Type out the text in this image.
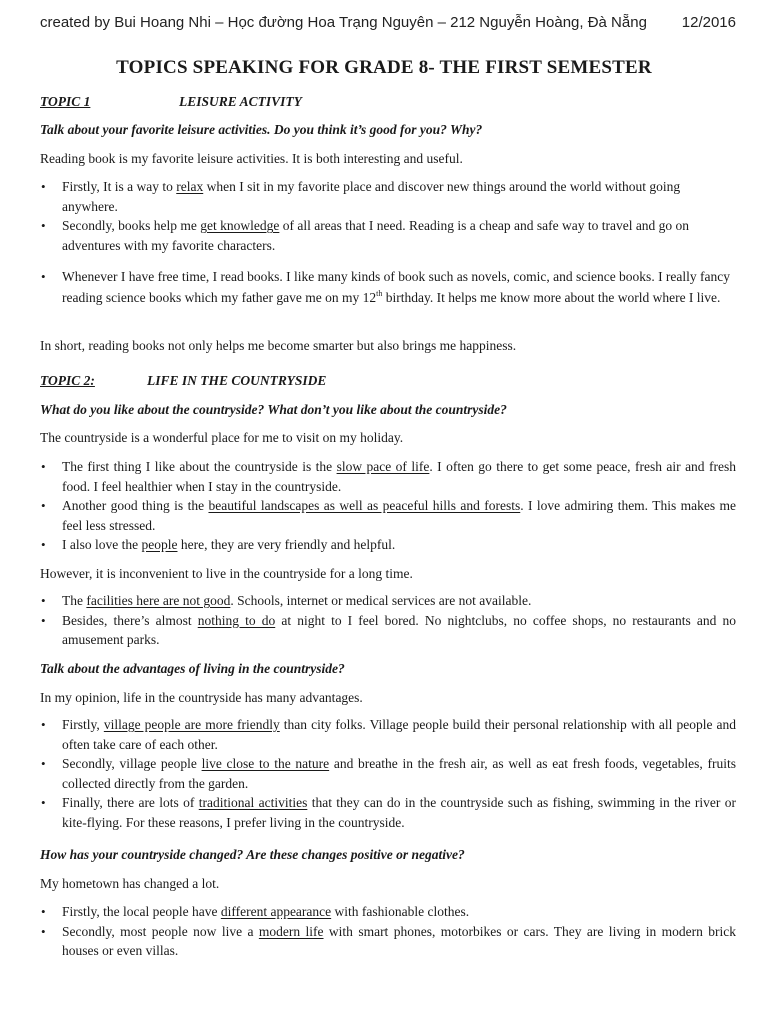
created by Bui Hoang Nhi – Học đường Hoa Trạng Nguyên – 212 Nguyễn Hoàng, Đà Nẵng 12/2016
TOPICS SPEAKING FOR GRADE 8- THE FIRST SEMESTER
TOPIC 1	LEISURE ACTIVITY
Talk about your favorite leisure activities. Do you think it’s good for you? Why?
Reading book is my favorite leisure activities. It is both interesting and useful.
• Firstly, It is a way to relax when I sit in my favorite place and discover new things around the world without going anywhere.
• Secondly, books help me get knowledge of all areas that I need. Reading is a cheap and safe way to travel and go on adventures with my favorite characters.
• Whenever I have free time, I read books. I like many kinds of book such as novels, comic, and science books. I really fancy reading science books which my father gave me on my 12th birthday. It helps me know more about the world where I live.
In short, reading books not only helps me become smarter but also brings me happiness.
TOPIC 2:	LIFE IN THE COUNTRYSIDE
What do you like about the countryside? What don’t you like about the countryside?
The countryside is a wonderful place for me to visit on my holiday.
• The first thing I like about the countryside is the slow pace of life. I often go there to get some peace, fresh air and fresh food. I feel healthier when I stay in the countryside.
• Another good thing is the beautiful landscapes as well as peaceful hills and forests. I love admiring them. This makes me feel less stressed.
• I also love the people here, they are very friendly and helpful.
However, it is inconvenient to live in the countryside for a long time.
• The facilities here are not good. Schools, internet or medical services are not available.
• Besides, there’s almost nothing to do at night to I feel bored. No nightclubs, no coffee shops, no restaurants and no amusement parks.
Talk about the advantages of living in the countryside?
In my opinion, life in the countryside has many advantages.
• Firstly, village people are more friendly than city folks. Village people build their personal relationship with all people and often take care of each other.
• Secondly, village people live close to the nature and breathe in the fresh air, as well as eat fresh foods, vegetables, fruits collected directly from the garden.
• Finally, there are lots of traditional activities that they can do in the countryside such as fishing, swimming in the river or kite-flying. For these reasons, I prefer living in the countryside.
How has your countryside changed? Are these changes positive or negative?
My hometown has changed a lot.
• Firstly, the local people have different appearance with fashionable clothes.
• Secondly, most people now live a modern life with smart phones, motorbikes or cars. They are living in modern brick houses or even villas.
